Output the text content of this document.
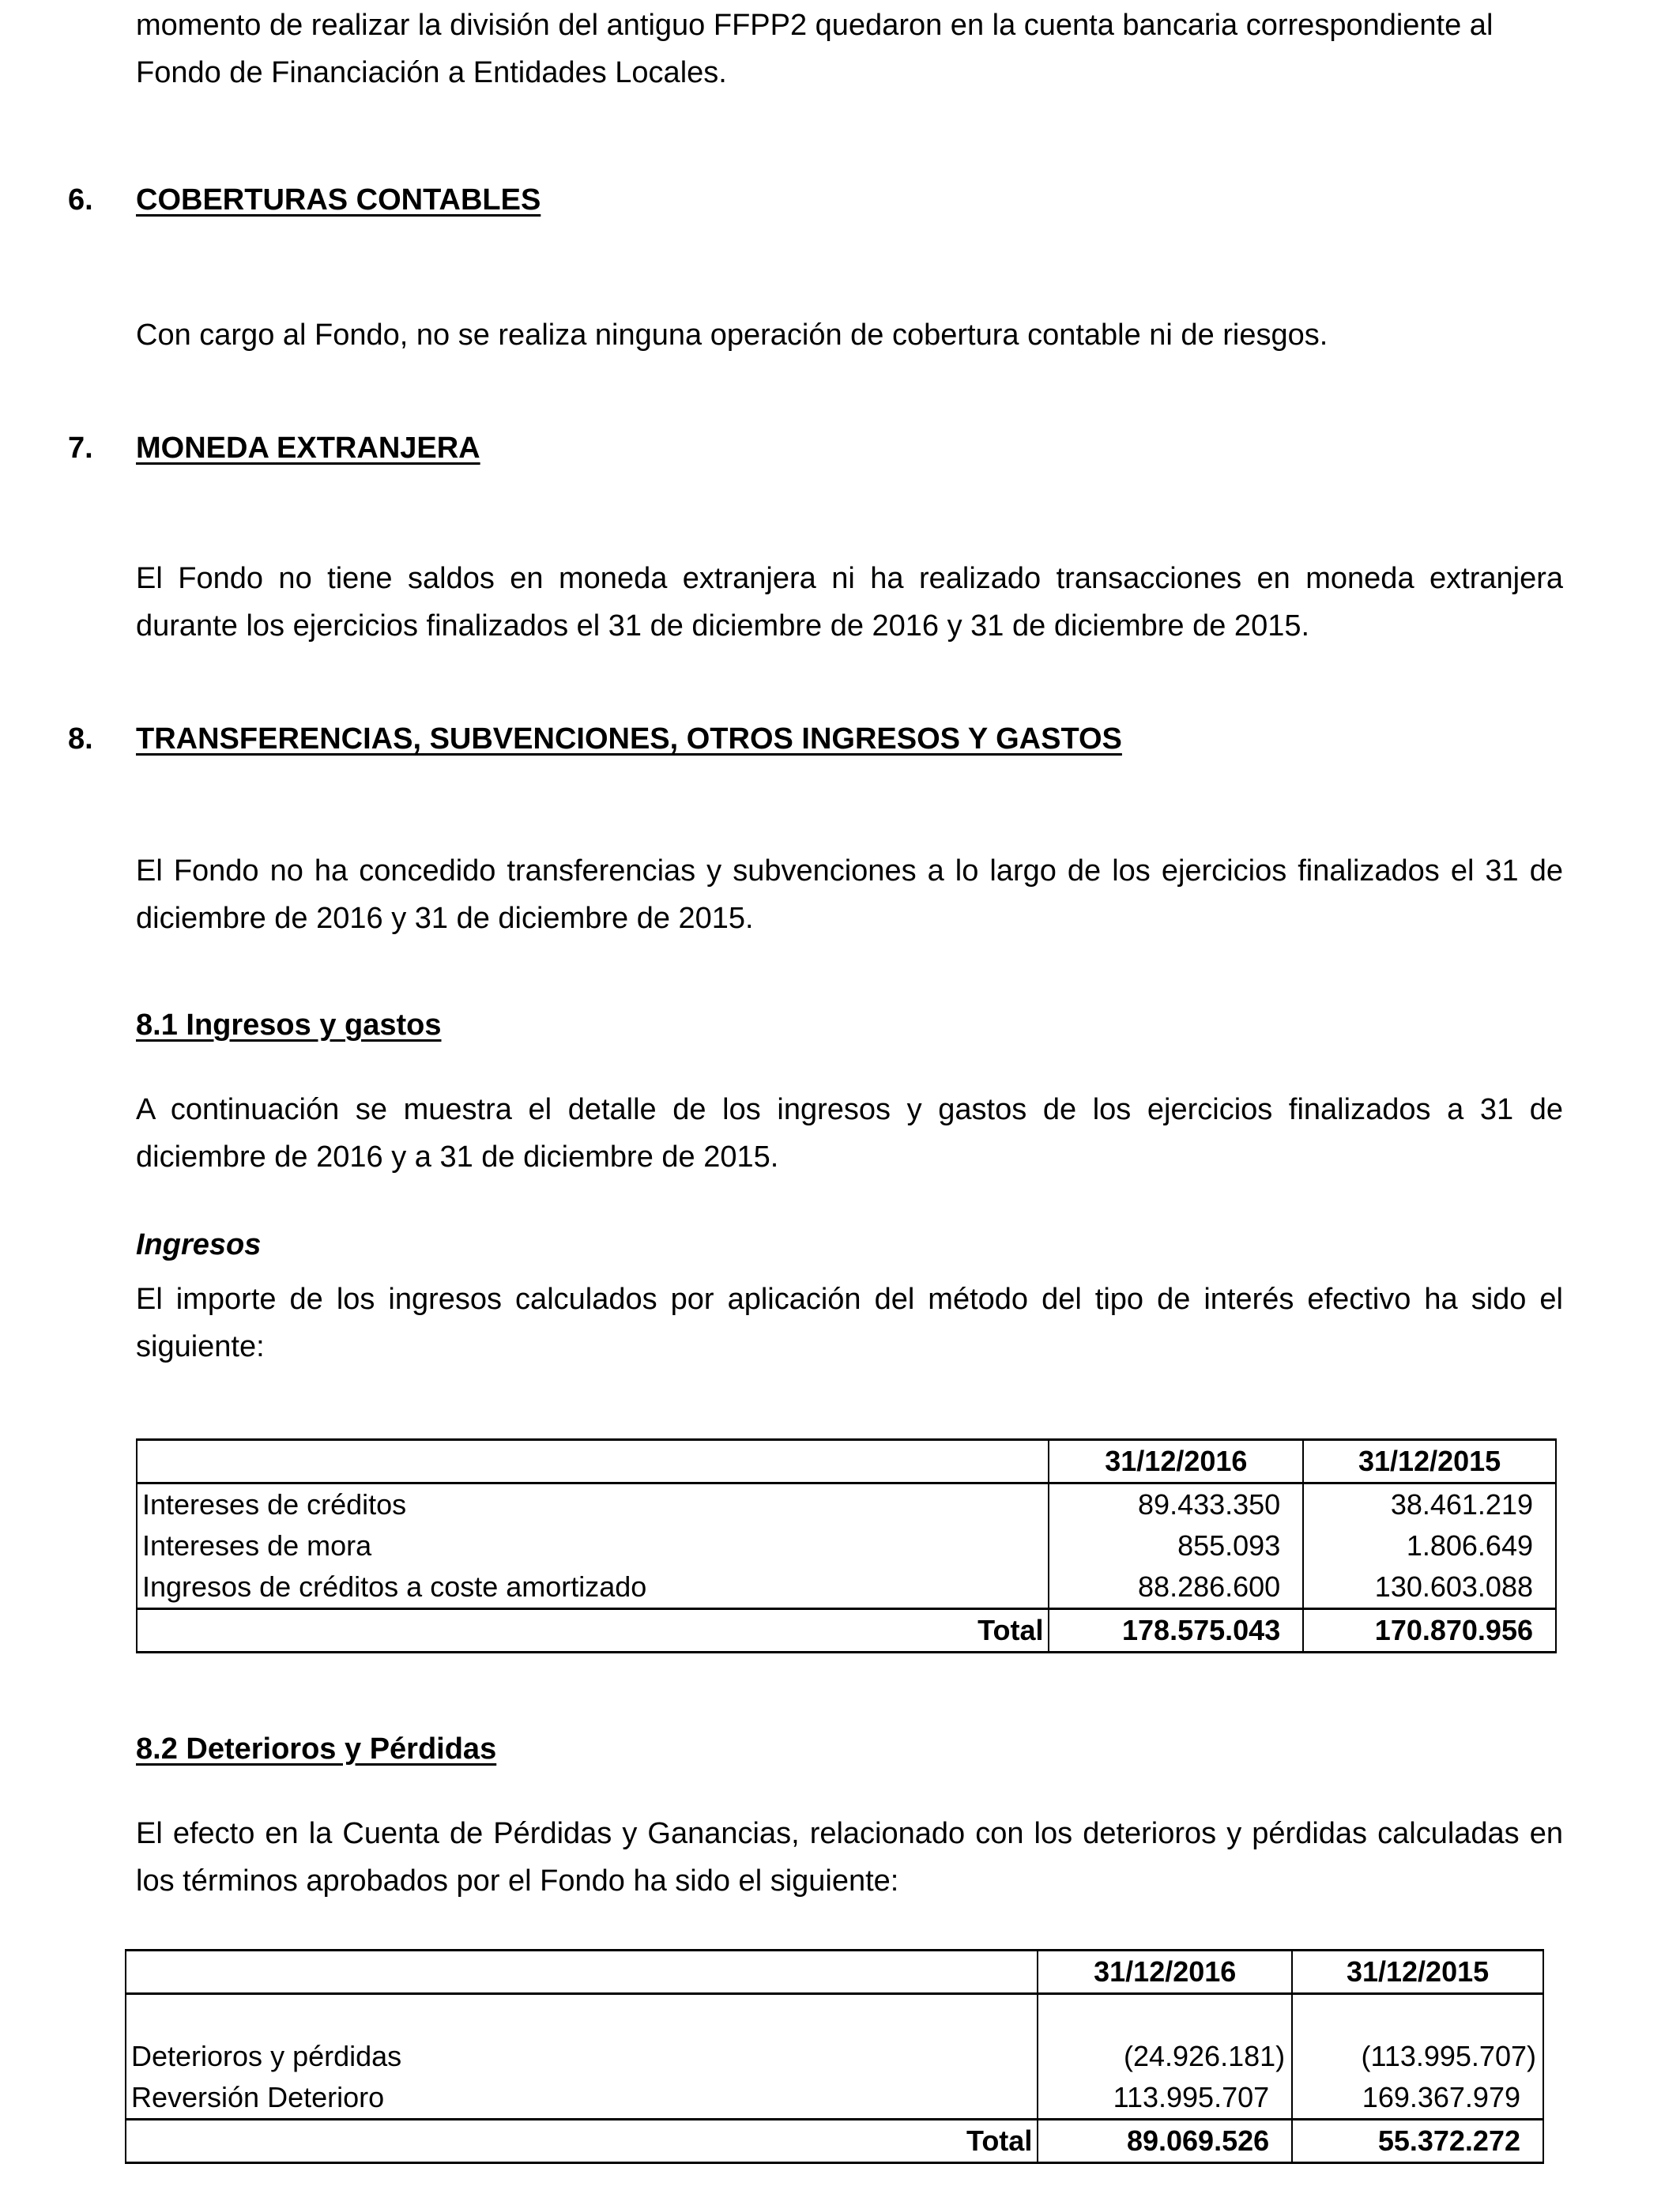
momento de realizar la división del antiguo FFPP2 quedaron en la cuenta bancaria correspondiente al
Fondo de Financiación a Entidades Locales.
6. COBERTURAS CONTABLES
Con cargo al Fondo, no se realiza ninguna operación de cobertura contable ni de riesgos.
7. MONEDA EXTRANJERA
El Fondo no tiene saldos en moneda extranjera ni ha realizado transacciones en moneda extranjera durante los ejercicios finalizados el 31 de diciembre de 2016 y 31 de diciembre de 2015.
8. TRANSFERENCIAS, SUBVENCIONES, OTROS INGRESOS Y GASTOS
El Fondo no ha concedido transferencias y subvenciones a lo largo de los ejercicios finalizados el 31 de diciembre de 2016 y 31 de diciembre de 2015.
8.1 Ingresos y gastos
A continuación se muestra el detalle de los ingresos y gastos de los ejercicios finalizados a 31 de diciembre de 2016 y a 31 de diciembre de 2015.
Ingresos
El importe de los ingresos calculados por aplicación del método del tipo de interés efectivo ha sido el siguiente:
	31/12/2016	31/12/2015
Intereses de créditos	89.433.350	38.461.219
Intereses de mora	855.093	1.806.649
Ingresos de créditos a coste amortizado	88.286.600	130.603.088
Total	178.575.043	170.870.956
8.2 Deterioros y Pérdidas
El efecto en la Cuenta de Pérdidas y Ganancias, relacionado con los deterioros y pérdidas calculadas en los términos aprobados por el Fondo ha sido el siguiente:
	31/12/2016	31/12/2015

Deterioros y pérdidas	(24.926.181)	(113.995.707)
Reversión Deterioro	113.995.707	169.367.979
Total	89.069.526	55.372.272
